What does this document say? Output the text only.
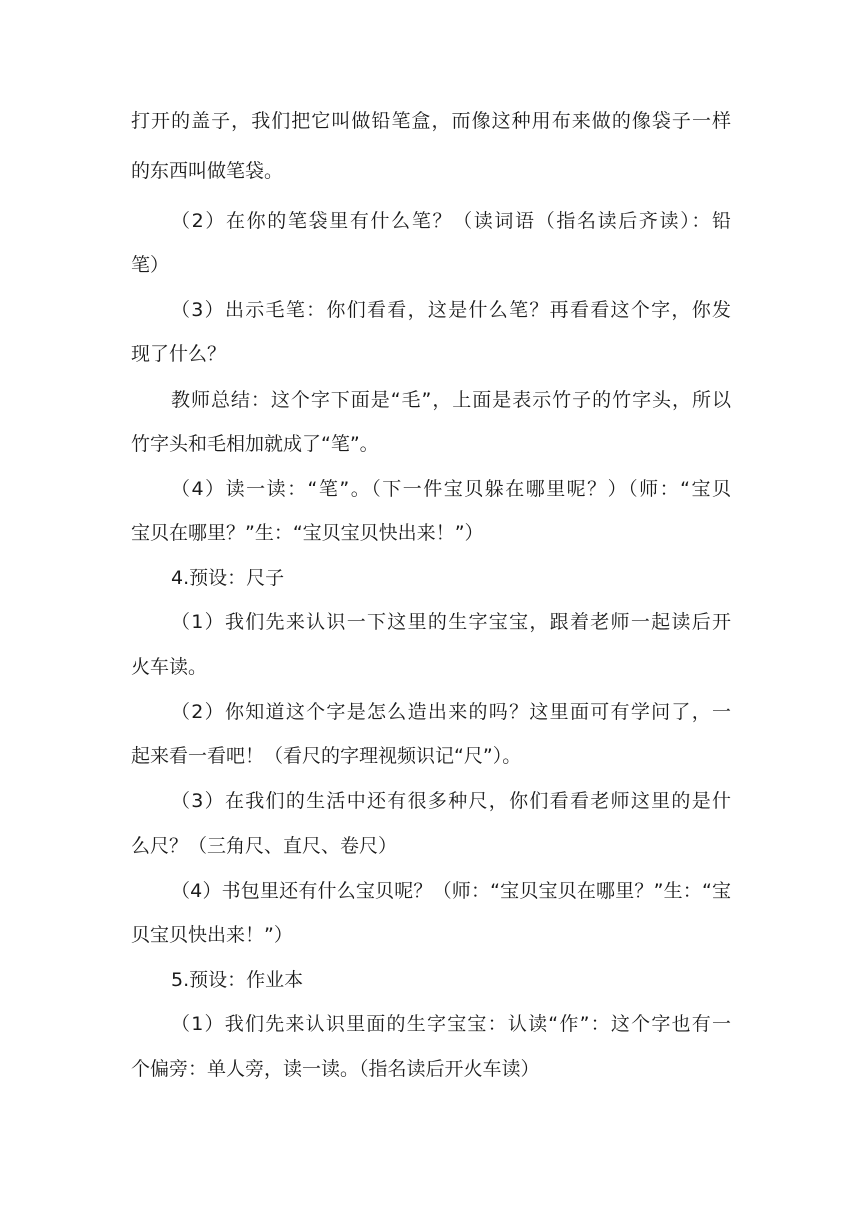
打开的盖子，我们把它叫做铅笔盒，而像这种用布来做的像袋子一样
的东西叫做笔袋。
（2）在你的笔袋里有什么笔？（读词语（指名读后齐读）：铅
笔）
（3）出示毛笔：你们看看，这是什么笔？再看看这个字，你发
现了什么？
教师总结：这个字下面是“毛”，上面是表示竹子的竹字头，所以
竹字头和毛相加就成了“笔”。
（4）读一读：“笔”。（下一件宝贝躲在哪里呢？）（师：“宝贝
宝贝在哪里？”生：“宝贝宝贝快出来！”）
4.预设：尺子
（1）我们先来认识一下这里的生字宝宝，跟着老师一起读后开
火车读。
（2）你知道这个字是怎么造出来的吗？这里面可有学问了，一
起来看一看吧！（看尺的字理视频识记“尺”）。
（3）在我们的生活中还有很多种尺，你们看看老师这里的是什
么尺？（三角尺、直尺、卷尺）
（4）书包里还有什么宝贝呢？（师：“宝贝宝贝在哪里？”生：“宝
贝宝贝快出来！”）
5.预设：作业本
（1）我们先来认识里面的生字宝宝：认读“作”：这个字也有一
个偏旁：单人旁，读一读。（指名读后开火车读）
